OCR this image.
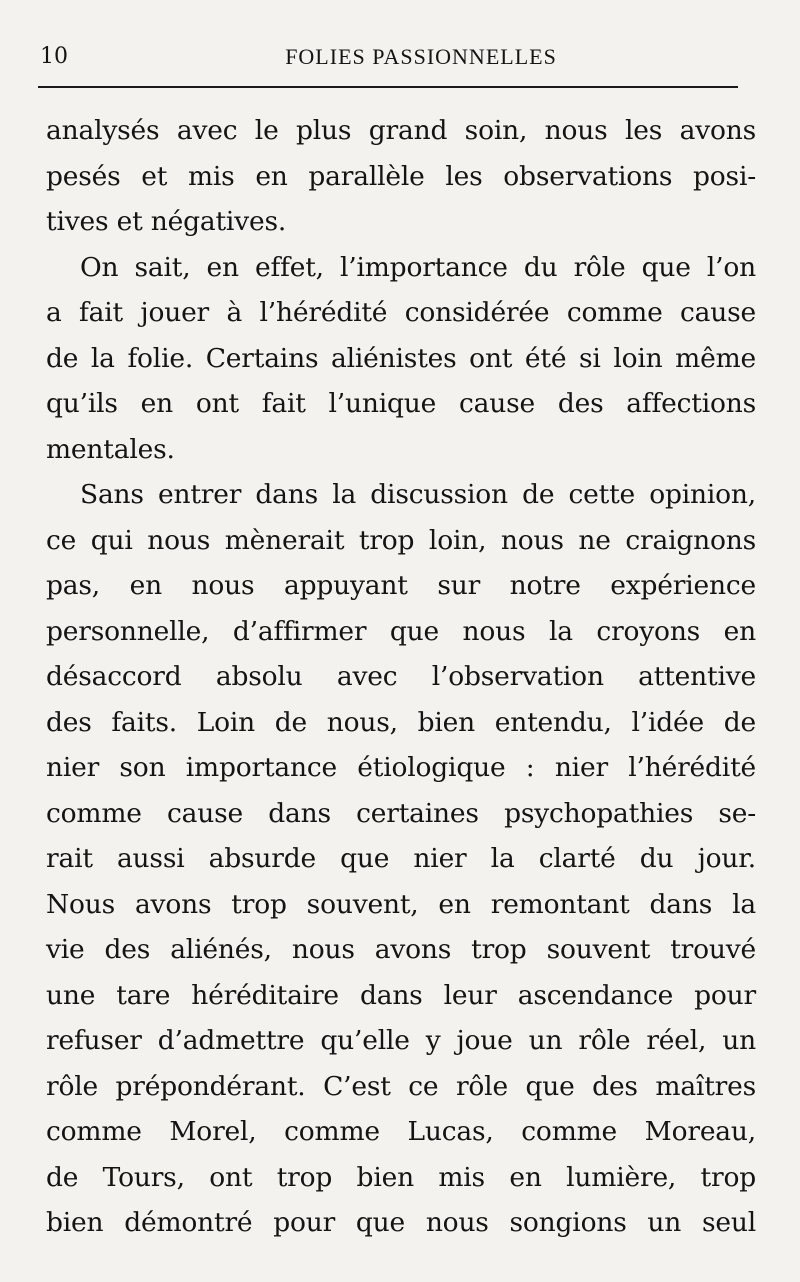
10	FOLIES PASSIONNELLES
analysés avec le plus grand soin, nous les avons
pesés et mis en parallèle les observations posi-
tives et négatives.
On sait, en effet, l’importance du rôle que l’on
a fait jouer à l’hérédité considérée comme cause
de la folie. Certains aliénistes ont été si loin même
qu’ils en ont fait l’unique cause des affections
mentales.
Sans entrer dans la discussion de cette opinion,
ce qui nous mènerait trop loin, nous ne craignons
pas, en nous appuyant sur notre expérience
personnelle, d’affirmer que nous la croyons en
désaccord absolu avec l’observation attentive
des faits. Loin de nous, bien entendu, l’idée de
nier son importance étiologique : nier l’hérédité
comme cause dans certaines psychopathies se-
rait aussi absurde que nier la clarté du jour.
Nous avons trop souvent, en remontant dans la
vie des aliénés, nous avons trop souvent trouvé
une tare héréditaire dans leur ascendance pour
refuser d’admettre qu’elle y joue un rôle réel, un
rôle prépondérant. C’est ce rôle que des maîtres
comme Morel, comme Lucas, comme Moreau,
de Tours, ont trop bien mis en lumière, trop
bien démontré pour que nous songions un seul
